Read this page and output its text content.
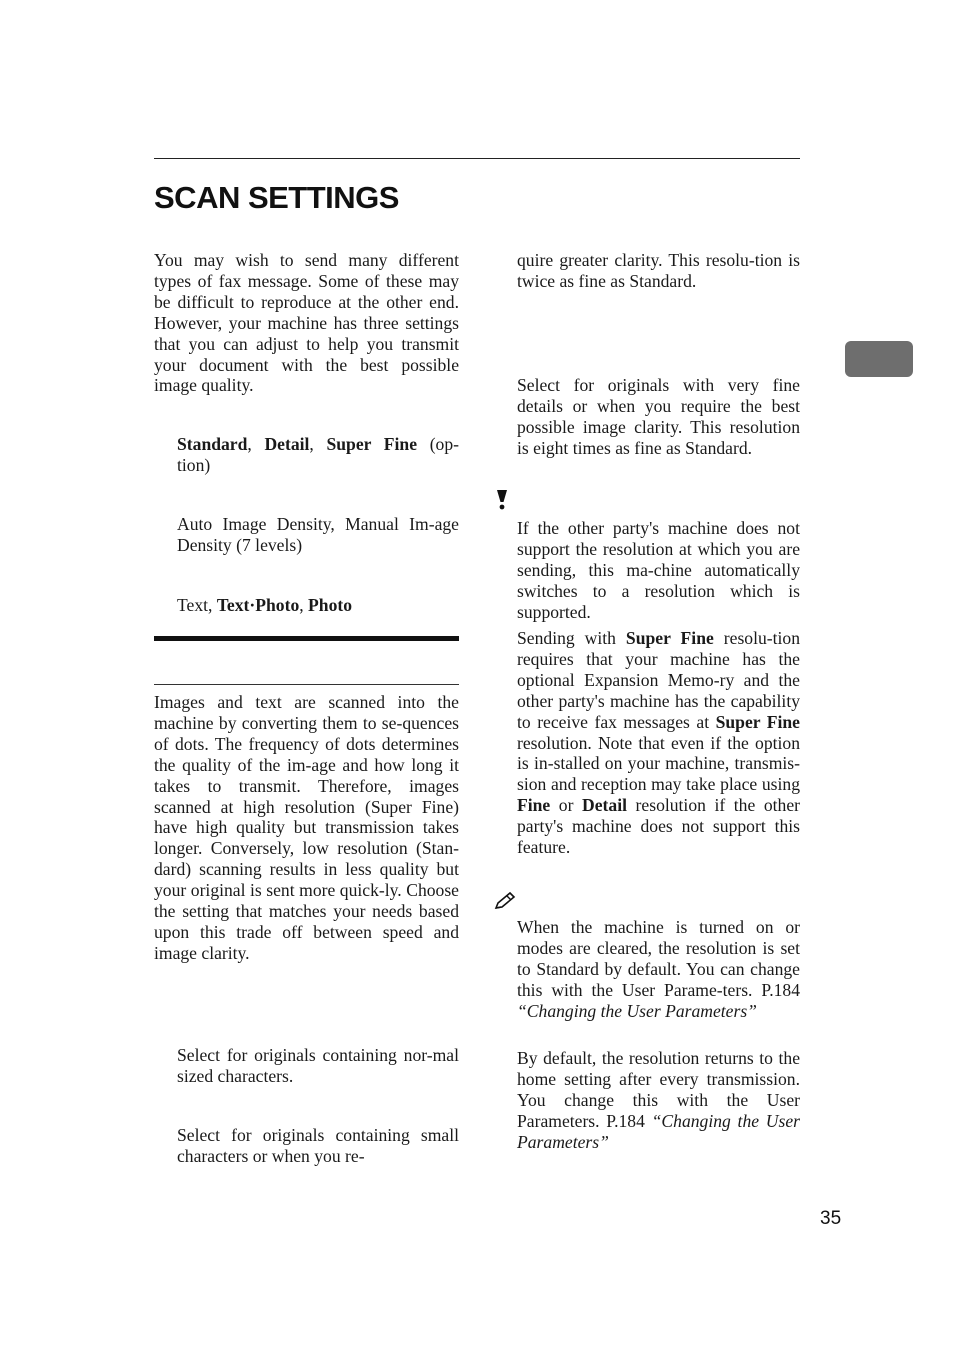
SCAN SETTINGS
You may wish to send many different types of fax message. Some of these may be difficult to reproduce at the other end. However, your machine has three settings that you can adjust to help you transmit your document with the best possible image quality.
Standard, Detail, Super Fine (op-tion)
Auto Image Density, Manual Im-age Density (7 levels)
Text, Text·Photo, Photo
Images and text are scanned into the machine by converting them to se-quences of dots. The frequency of dots determines the quality of the im-age and how long it takes to transmit. Therefore, images scanned at high resolution (Super Fine) have high quality but transmission takes longer. Conversely, low resolution (Stan-dard) scanning results in less quality but your original is sent more quick-ly. Choose the setting that matches your needs based upon this trade off between speed and image clarity.
Select for originals containing nor-mal sized characters.
Select for originals containing small characters or when you re-
quire greater clarity. This resolu-tion is twice as fine as Standard.
Select for originals with very fine details or when you require the best possible image clarity. This resolution is eight times as fine as Standard.
If the other party's machine does not support the resolution at which you are sending, this ma-chine automatically switches to a resolution which is supported.
Sending with Super Fine resolu-tion requires that your machine has the optional Expansion Memo-ry and the other party's machine has the capability to receive fax messages at Super Fine resolution. Note that even if the option is in-stalled on your machine, transmis-sion and reception may take place using Fine or Detail resolution if the other party's machine does not support this feature.
When the machine is turned on or modes are cleared, the resolution is set to Standard by default. You can change this with the User Parame-ters. P.184 “Changing the User Parameters”
By default, the resolution returns to the home setting after every transmission. You change this with the User Parameters. P.184 “Changing the User Parameters”
35
